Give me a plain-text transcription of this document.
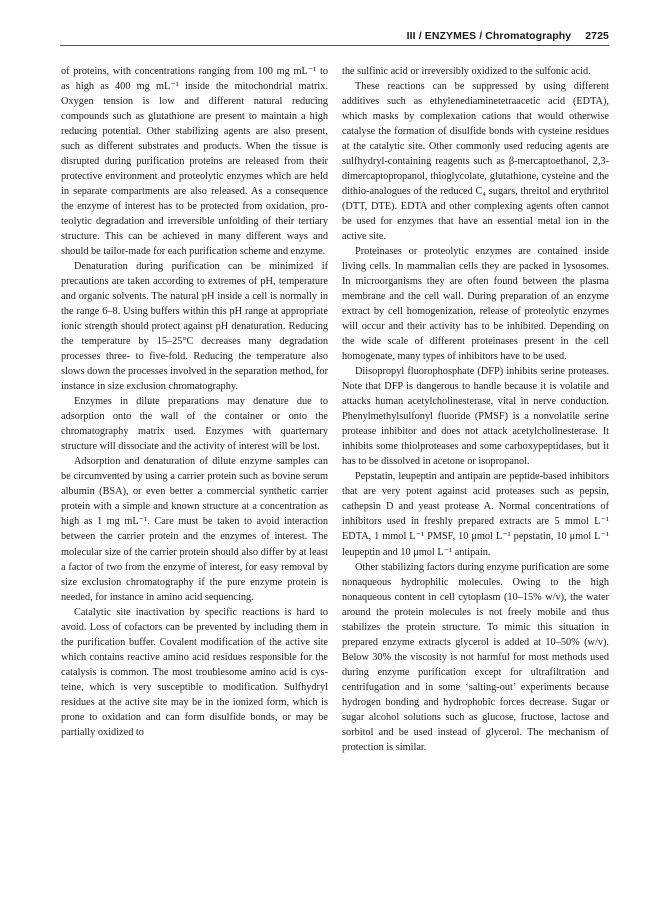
III / ENZYMES / Chromatography 2725

of proteins, with concentrations ranging from 100 mg mL⁻¹ to as high as 400 mg mL⁻¹ inside the mitochondrial matrix. Oxygen tension is low and different natural reducing compounds such as glutathione are present to maintain a high reducing potential. Other stabilizing agents are also present, such as different substrates and products. When the tissue is disrupted during purification proteins are released from their protective environment and proteolytic enzymes which are held in separate compartments are also released. As a consequence the enzyme of interest has to be protected from oxidation, proteolytic degradation and irreversible unfolding of their tertiary structure. This can be achieved in many different ways and should be tailor-made for each purification scheme and enzyme.

Denaturation during purification can be minimized if precautions are taken according to extremes of pH, temperature and organic solvents. The natural pH inside a cell is normally in the range 6–8. Using buffers within this pH range at appropriate ionic strength should protect against pH denaturation. Reducing the temperature by 15–25°C decreases many degradation processes three- to five-fold. Reducing the temperature also slows down the processes involved in the separation method, for instance in size exclusion chromatography.

Enzymes in dilute preparations may denature due to adsorption onto the wall of the container or onto the chromatography matrix used. Enzymes with quarternary structure will dissociate and the activity of interest will be lost.

Adsorption and denaturation of dilute enzyme samples can be circumvented by using a carrier protein such as bovine serum albumin (BSA), or even better a commercial synthetic carrier protein with a simple and known structure at a concentration as high as 1 mg mL⁻¹. Care must be taken to avoid interaction between the carrier protein and the enzymes of interest. The molecular size of the carrier protein should also differ by at least a factor of two from the enzyme of interest, for easy removal by size exclusion chromatography if the pure enzyme protein is needed, for instance in amino acid sequencing.

Catalytic site inactivation by specific reactions is hard to avoid. Loss of cofactors can be prevented by including them in the purification buffer. Covalent modification of the active site which contains reactive amino acid residues responsible for the catalysis is common. The most troublesome amino acid is cysteine, which is very susceptible to modification. Sulfhydryl residues at the active site may be in the ionized form, which is prone to oxidation and can form disulfide bonds, or may be partially oxidized to

the sulfinic acid or irreversibly oxidized to the sulfonic acid.

These reactions can be suppressed by using different additives such as ethylenediaminetetraacetic acid (EDTA), which masks by complexation cations that would otherwise catalyse the formation of disulfide bonds with cysteine residues at the catalytic site. Other commonly used reducing agents are sulfhydryl-containing reagents such as β-mercaptoethanol, 2,3-dimercaptopropanol, thioglycolate, glutathione, cysteine and the dithio-analogues of the reduced C₄ sugars, threitol and erythritol (DTT, DTE). EDTA and other complexing agents often cannot be used for enzymes that have an essential metal ion in the active site.

Proteinases or proteolytic enzymes are contained inside living cells. In mammalian cells they are packed in lysosomes. In microorganisms they are often found between the plasma membrane and the cell wall. During preparation of an enzyme extract by cell homogenization, release of proteolytic enzymes will occur and their activity has to be inhibited. Depending on the wide scale of different proteinases present in the cell homogenate, many types of inhibitors have to be used.

Diisopropyl fluorophosphate (DFP) inhibits serine proteases. Note that DFP is dangerous to handle because it is volatile and attacks human acetylcholinesterase, vital in nerve conduction. Phenylmethylsulfonyl fluoride (PMSF) is a nonvolatile serine protease inhibitor and does not attack acetylcholinesterase. It inhibits some thiolproteases and some carboxypeptidases, but it has to be dissolved in acetone or isopropanol.

Pepstatin, leupeptin and antipain are peptide-based inhibitors that are very potent against acid proteases such as pepsin, cathepsin D and yeast protease A. Normal concentrations of inhibitors used in freshly prepared extracts are 5 mmol L⁻¹ EDTA, 1 mmol L⁻¹ PMSF, 10 μmol L⁻¹ pepstatin, 10 μmol L⁻¹ leupeptin and 10 μmol L⁻¹ antipain.

Other stabilizing factors during enzyme purification are some nonaqueous hydrophilic molecules. Owing to the high nonaqueous content in cell cytoplasm (10–15% w/v), the water around the protein molecules is not freely mobile and thus stabilizes the protein structure. To mimic this situation in prepared enzyme extracts glycerol is added at 10–50% (w/v). Below 30% the viscosity is not harmful for most methods used during enzyme purification except for ultrafiltration and centrifugation and in some ‘salting-out’ experiments because hydrogen bonding and hydrophobic forces decrease. Sugar or sugar alcohol solutions such as glucose, fructose, lactose and sorbitol and be used instead of glycerol. The mechanism of protection is similar.
